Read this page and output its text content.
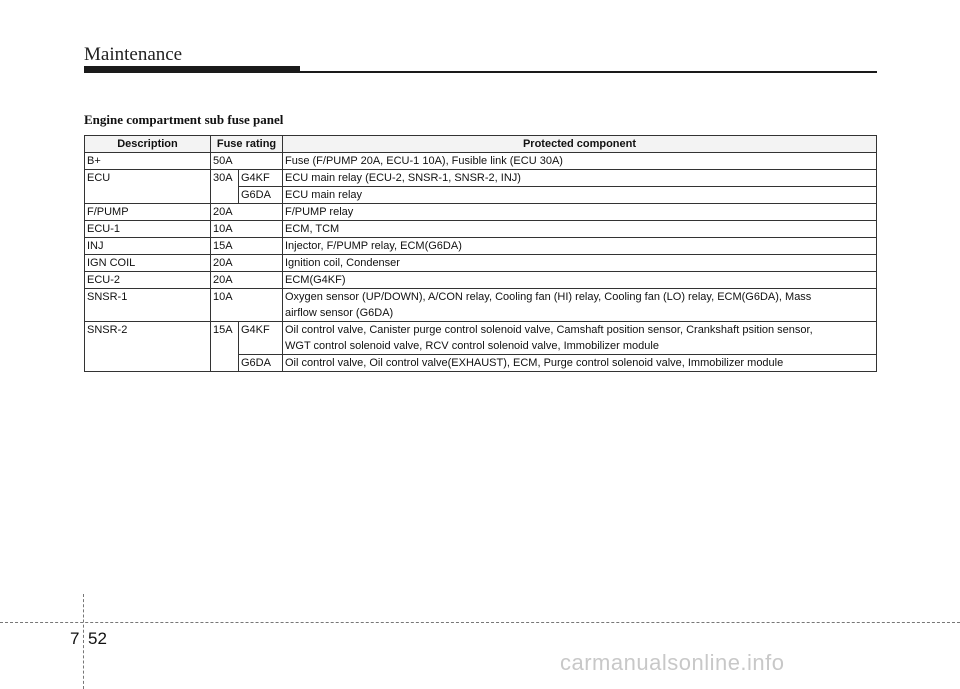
Maintenance
Engine compartment sub fuse panel
Description	Fuse rating		Protected component
B+	50A		Fuse (F/PUMP 20A, ECU-1 10A), Fusible link (ECU 30A)
ECU	30A	G4KF	ECU main relay (ECU-2, SNSR-1, SNSR-2, INJ)
		G6DA	ECU main relay
F/PUMP	20A		F/PUMP relay
ECU-1	10A		ECM, TCM
INJ	15A		Injector, F/PUMP relay, ECM(G6DA)
IGN COIL	20A		Ignition coil, Condenser
ECU-2	20A		ECM(G4KF)
SNSR-1	10A		Oxygen sensor (UP/DOWN), A/CON relay, Cooling fan (HI) relay, Cooling fan (LO) relay, ECM(G6DA), Mass
airflow sensor (G6DA)

SNSR-2	15A	G4KF	Oil control valve, Canister purge control solenoid valve, Camshaft position sensor, Crankshaft psition sensor,
WGT control solenoid valve, RCV control solenoid valve, Immobilizer module

		G6DA	Oil control valve, Oil control valve(EXHAUST), ECM, Purge control solenoid valve, Immobilizer module
7 52
carmanualsonline.info
